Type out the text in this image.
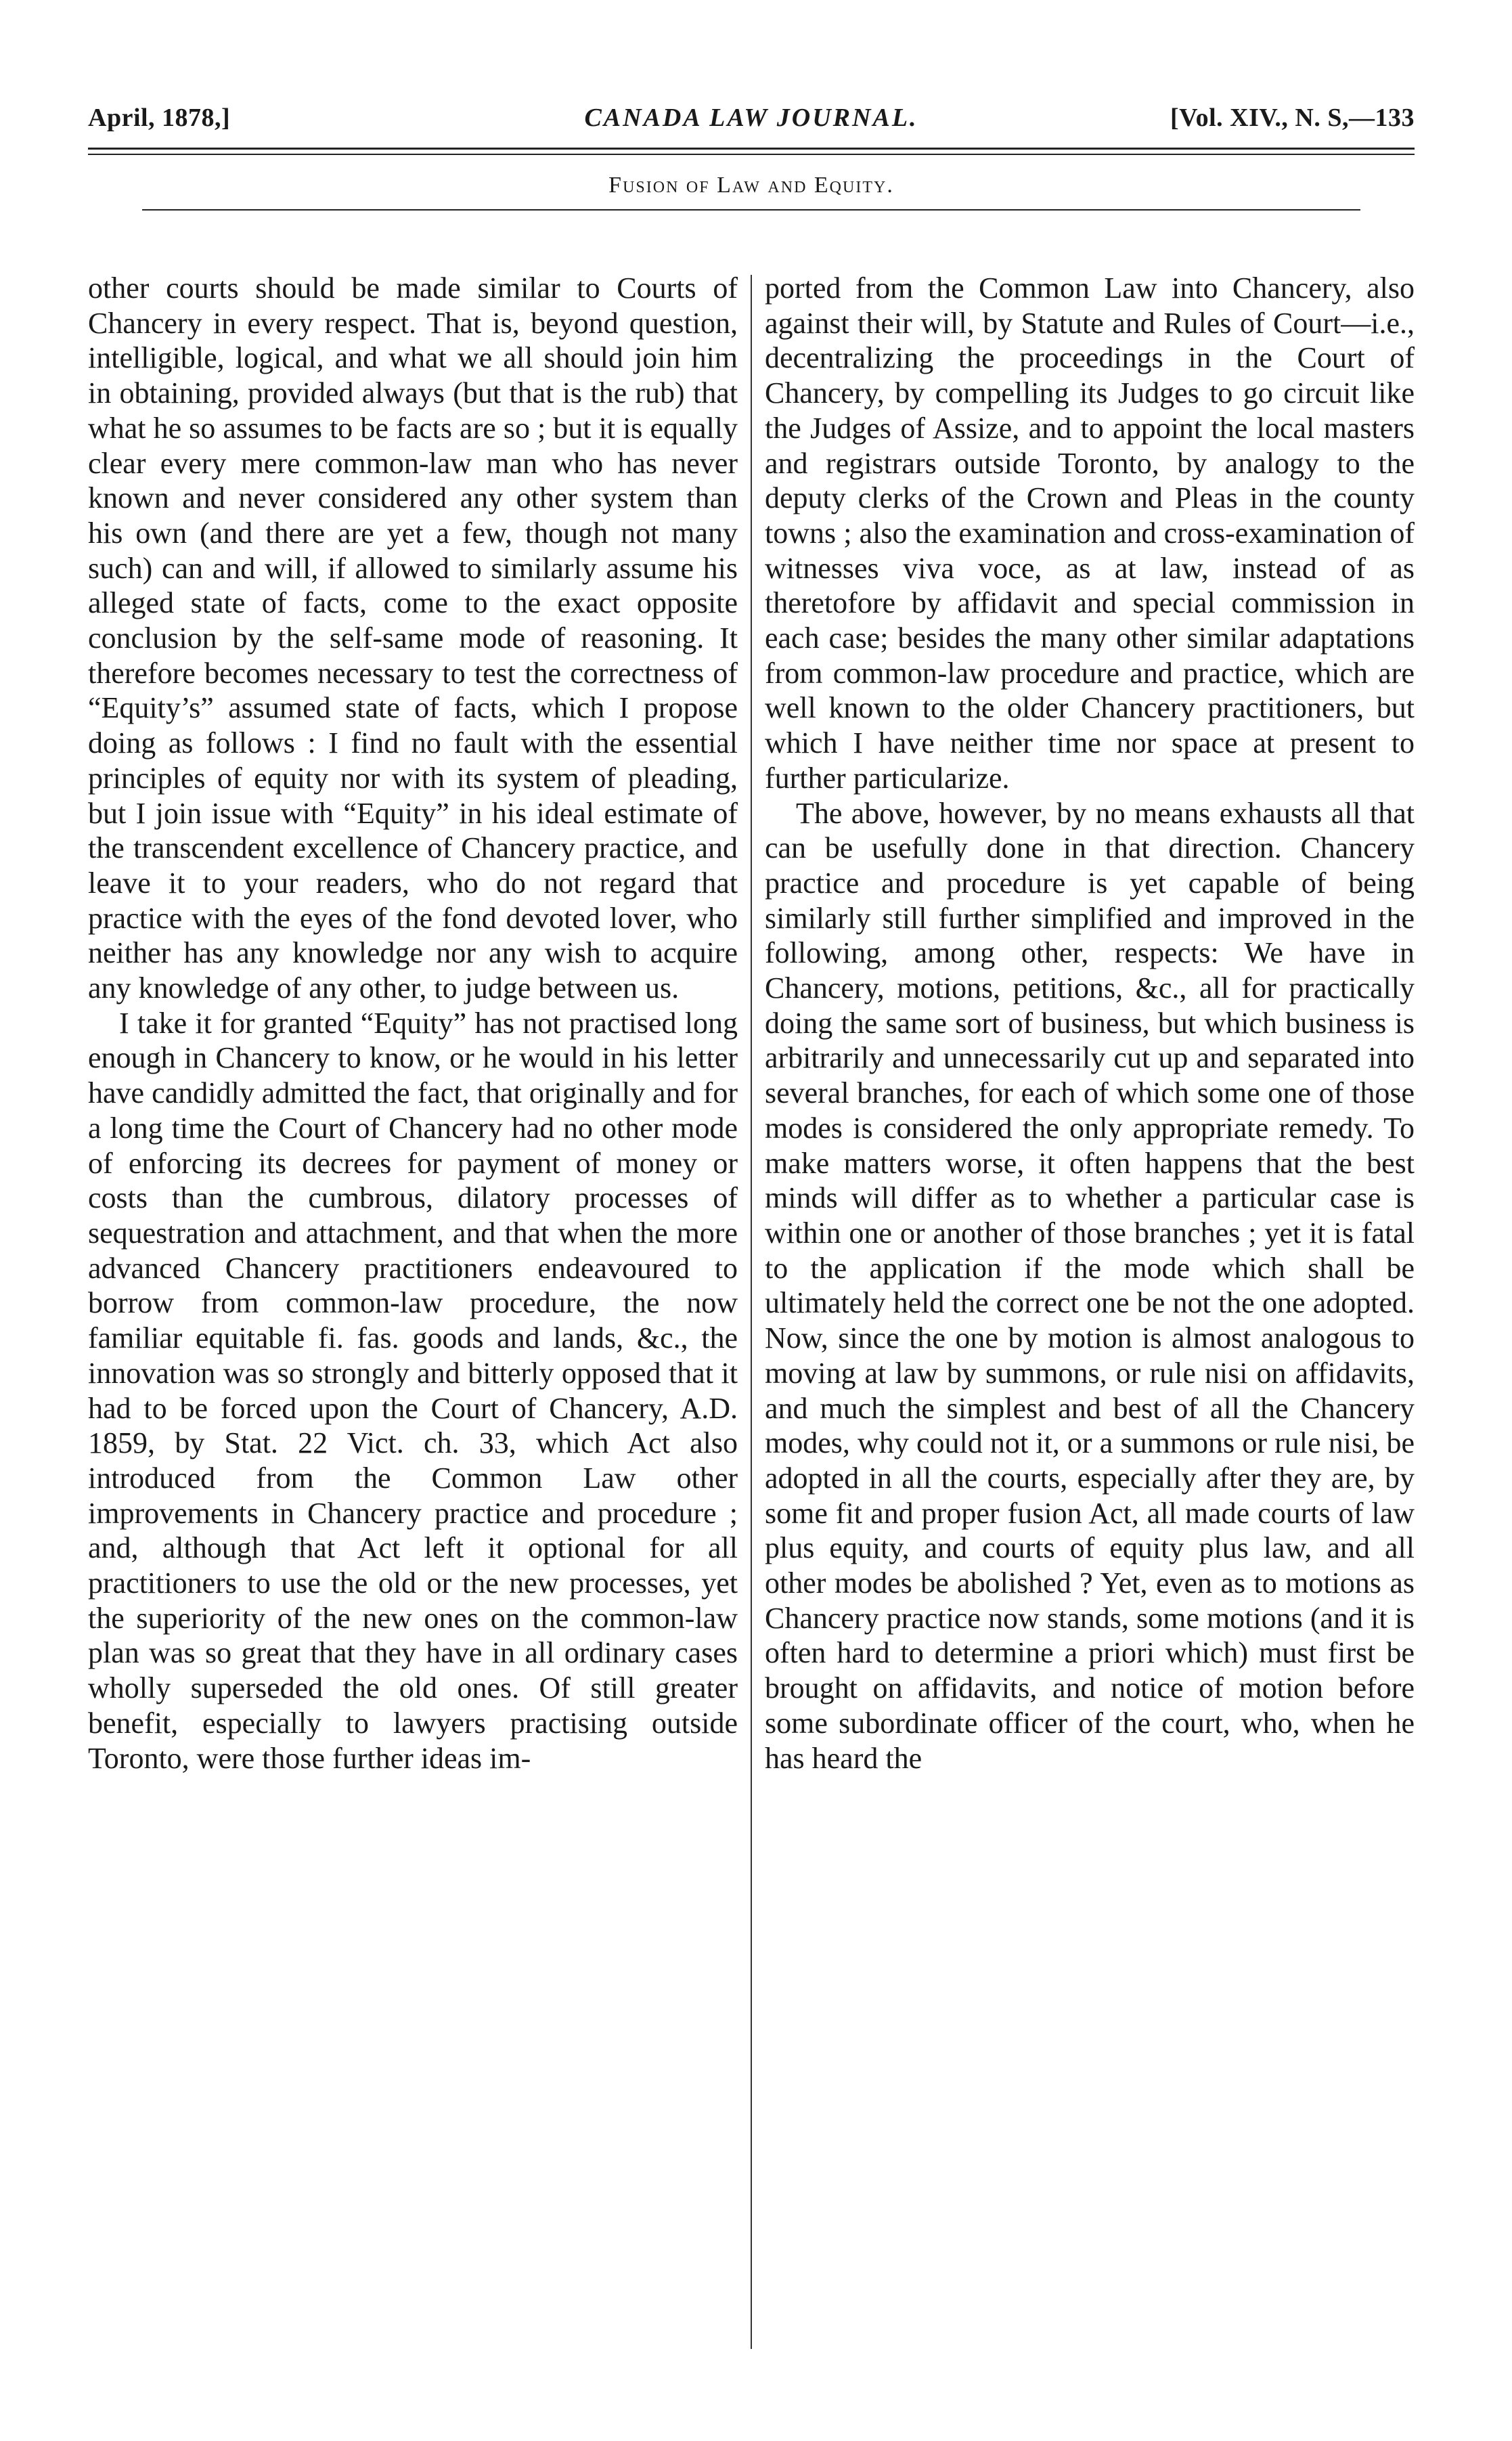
April, 1878,]	CANADA LAW JOURNAL.	[Vol. XIV., N. S,—133
Fusion of Law and Equity.

other courts should be made similar to Courts of Chancery in every respect. That is, beyond question, intelligible, logical, and what we all should join him in obtaining, provided always (but that is the rub) that what he so assumes to be facts are so ; but it is equally clear every mere common-law man who has never known and never considered any other system than his own (and there are yet a few, though not many such) can and will, if allowed to similarly assume his alleged state of facts, come to the exact opposite conclusion by the self-same mode of reasoning. It therefore becomes necessary to test the correctness of “Equity’s” assumed state of facts, which I propose doing as follows : I find no fault with the essential principles of equity nor with its system of pleading, but I join issue with “Equity” in his ideal estimate of the transcendent excellence of Chancery practice, and leave it to your readers, who do not regard that practice with the eyes of the fond devoted lover, who neither has any knowledge nor any wish to acquire any knowledge of any other, to judge between us.

I take it for granted “Equity” has not practised long enough in Chancery to know, or he would in his letter have candidly admitted the fact, that originally and for a long time the Court of Chancery had no other mode of enforcing its decrees for payment of money or costs than the cumbrous, dilatory processes of sequestration and attachment, and that when the more advanced Chancery practitioners endeavoured to borrow from common-law procedure, the now familiar equitable fi. fas. goods and lands, &c., the innovation was so strongly and bitterly opposed that it had to be forced upon the Court of Chancery, A.D. 1859, by Stat. 22 Vict. ch. 33, which Act also introduced from the Common Law other improvements in Chancery practice and procedure ; and, although that Act left it optional for all practitioners to use the old or the new processes, yet the superiority of the new ones on the common-law plan was so great that they have in all ordinary cases wholly superseded the old ones. Of still greater benefit, especially to lawyers practising outside Toronto, were those further ideas im-

ported from the Common Law into Chancery, also against their will, by Statute and Rules of Court—i.e., decentralizing the proceedings in the Court of Chancery, by compelling its Judges to go circuit like the Judges of Assize, and to appoint the local masters and registrars outside Toronto, by analogy to the deputy clerks of the Crown and Pleas in the county towns ; also the examination and cross-examination of witnesses viva voce, as at law, instead of as theretofore by affidavit and special commission in each case; besides the many other similar adaptations from common-law procedure and practice, which are well known to the older Chancery practitioners, but which I have neither time nor space at present to further particularize.

The above, however, by no means exhausts all that can be usefully done in that direction. Chancery practice and procedure is yet capable of being similarly still further simplified and improved in the following, among other, respects: We have in Chancery, motions, petitions, &c., all for practically doing the same sort of business, but which business is arbitrarily and unnecessarily cut up and separated into several branches, for each of which some one of those modes is considered the only appropriate remedy. To make matters worse, it often happens that the best minds will differ as to whether a particular case is within one or another of those branches ; yet it is fatal to the application if the mode which shall be ultimately held the correct one be not the one adopted. Now, since the one by motion is almost analogous to moving at law by summons, or rule nisi on affidavits, and much the simplest and best of all the Chancery modes, why could not it, or a summons or rule nisi, be adopted in all the courts, especially after they are, by some fit and proper fusion Act, all made courts of law plus equity, and courts of equity plus law, and all other modes be abolished ? Yet, even as to motions as Chancery practice now stands, some motions (and it is often hard to determine a priori which) must first be brought on affidavits, and notice of motion before some subordinate officer of the court, who, when he has heard the
